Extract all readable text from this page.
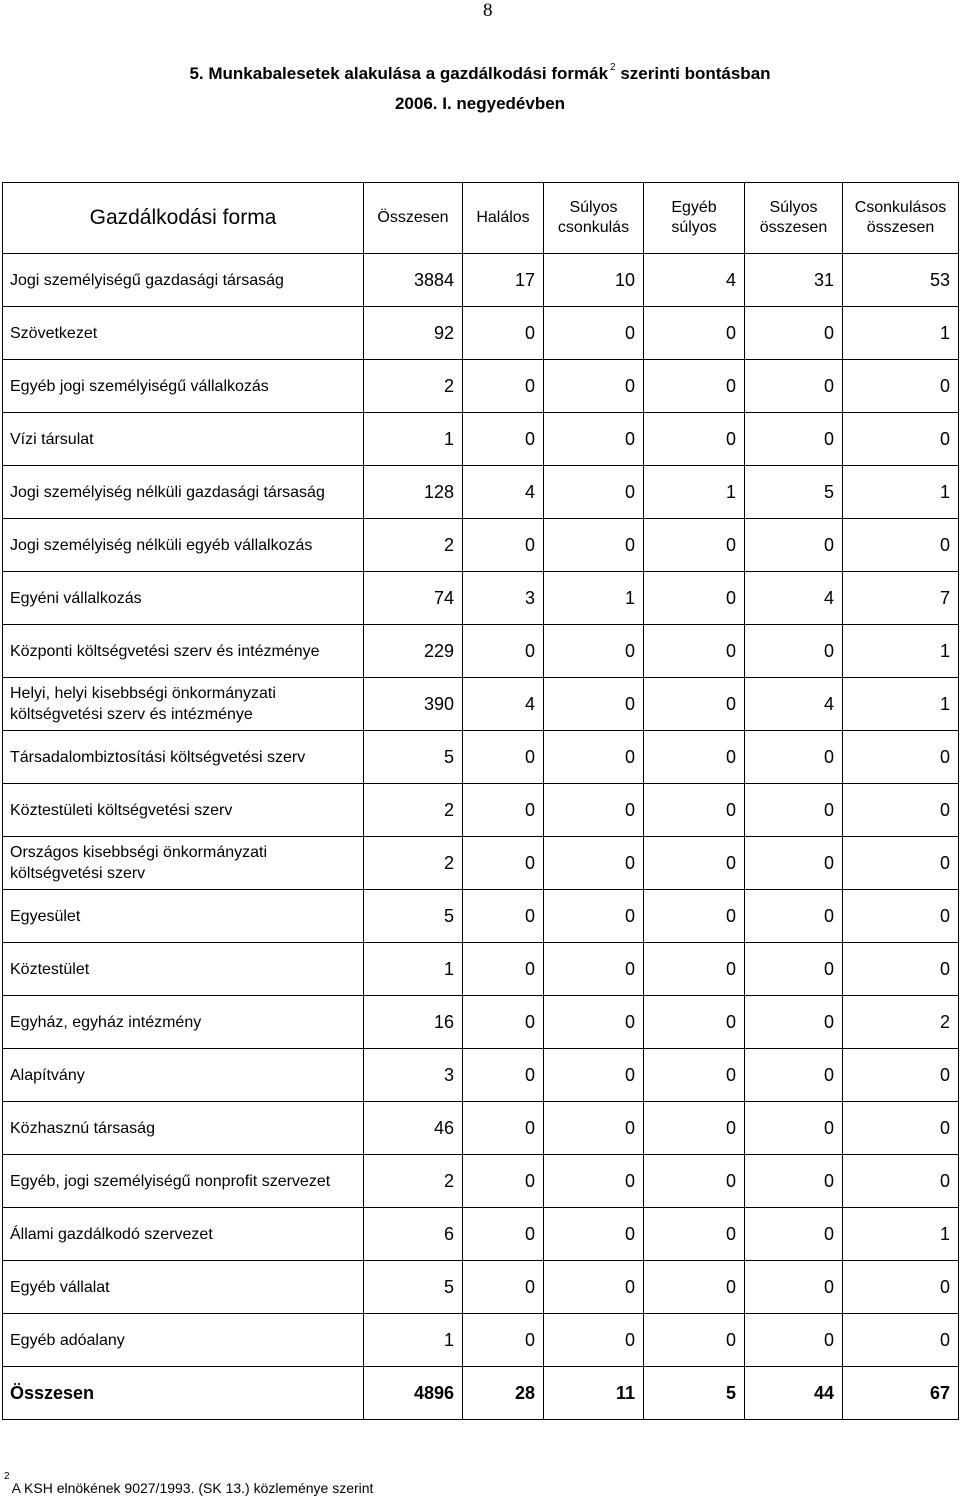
8
5. Munkabalesetek alakulása a gazdálkodási formák $^2$ szerinti bontásban
2006. I. negyedévben
Gazdálkodási forma	Összesen	Halálos	Súlyos csonkulás	Egyéb súlyos	Súlyos összesen	Csonkulásos összesen
Jogi személyiségű gazdasági társaság	3884	17	10	4	31	53
Szövetkezet	92	0	0	0	0	1
Egyéb jogi személyiségű vállalkozás	2	0	0	0	0	0
Vízi társulat	1	0	0	0	0	0
Jogi személyiség nélküli gazdasági társaság	128	4	0	1	5	1
Jogi személyiség nélküli egyéb vállalkozás	2	0	0	0	0	0
Egyéni vállalkozás	74	3	1	0	4	7
Központi költségvetési szerv és intézménye	229	0	0	0	0	1
Helyi, helyi kisebbségi önkormányzati költségvetési szerv és intézménye	390	4	0	0	4	1
Társadalombiztosítási költségvetési szerv	5	0	0	0	0	0
Köztestületi költségvetési szerv	2	0	0	0	0	0
Országos kisebbségi önkormányzati költségvetési szerv	2	0	0	0	0	0
Egyesület	5	0	0	0	0	0
Köztestület	1	0	0	0	0	0
Egyház, egyház intézmény	16	0	0	0	0	2
Alapítvány	3	0	0	0	0	0
Közhasznú társaság	46	0	0	0	0	0
Egyéb, jogi személyiségű nonprofit szervezet	2	0	0	0	0	0
Állami gazdálkodó szervezet	6	0	0	0	0	1
Egyéb vállalat	5	0	0	0	0	0
Egyéb adóalany	1	0	0	0	0	0
Összesen	4896	28	11	5	44	67
$^2$A KSH elnökének 9027/1993. (SK 13.) közleménye szerint
